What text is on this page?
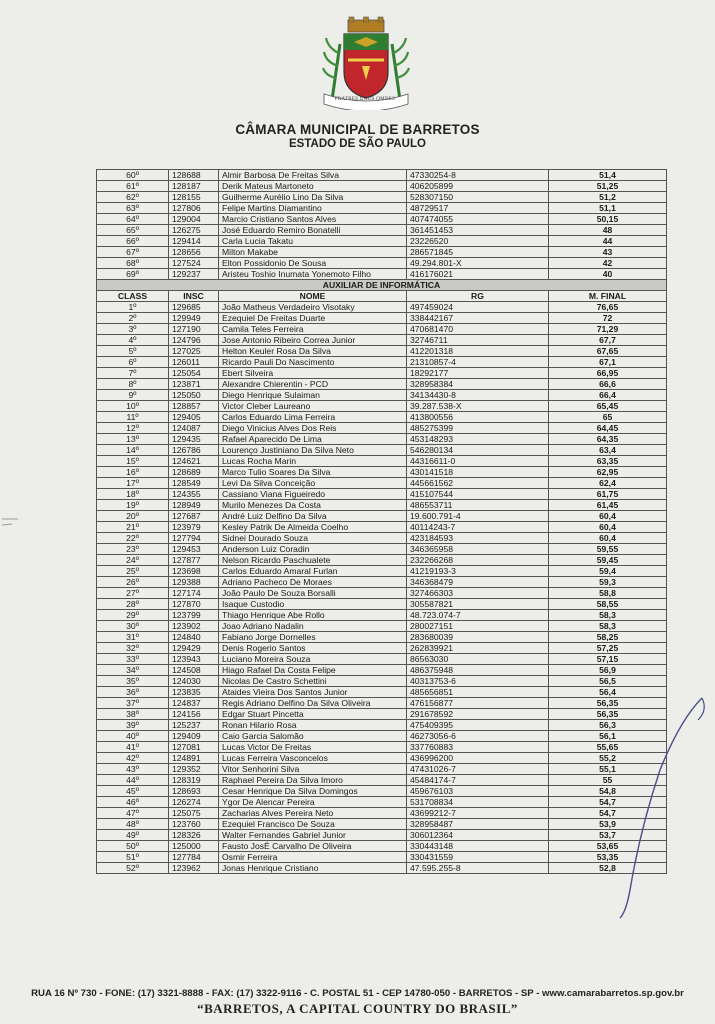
FRATRES UNUS OMNES
CÂMARA MUNICIPAL DE BARRETOS
ESTADO DE SÃO PAULO
60º	128688	Almir Barbosa De Freitas Silva	47330254-8	51,4
61º	128187	Derik Mateus Martoneto	406205899	51,25
62º	128155	Guilherme Aurélio Lino Da Silva	528307150	51,2
63º	127806	Felipe Martins Diamantino	48729517	51,1
64º	129004	Marcio Cristiano Santos Alves	407474055	50,15
65º	126275	José Eduardo Remiro Bonatelli	361451453	48
66º	129414	Carla Lucia Takatu	23226520	44
67º	128656	Milton Makabe	286571845	43
68º	127524	Elton Possidonio De Sousa	49.294.801-X	42
69º	129237	Aristeu Toshio Inumata Yonemoto Filho	416176021	40
AUXILIAR DE INFORMÁTICA				
CLASS	INSC	NOME	RG	M. FINAL
1º	129685	João Matheus Verdadeiro Visotaky	497459024	76,65
2º	129949	Ezequiel De Freitas Duarte	338442167	72
3º	127190	Camila Teles Ferreira	470681470	71,29
4º	124796	Jose Antonio Ribeiro Correa Junior	32746711	67,7
5º	127025	Helton Keuler Rosa Da Silva	412201318	67,65
6º	126011	Ricardo Pauli Do Nascimento	21310857-4	67,1
7º	125054	Ebert Silveira	18292177	66,95
8º	123871	Alexandre Chierentin - PCD	328958384	66,6
9º	125050	Diego Henrique Sulaiman	34134430-8	66,4
10º	128857	Victor Cleber Laureano	39.287.538-X	65,45
11º	129405	Carlos Eduardo Lima Ferreira	413800556	65
12º	124087	Diego Vinicius Alves Dos Reis	485275399	64,45
13º	129435	Rafael Aparecido De Lima	453148293	64,35
14º	126786	Lourenço Justiniano Da Silva Neto	546280134	63,4
15º	124621	Lucas Rocha Marin	44316611-0	63,35
16º	128689	Marco Tulio Soares Da Silva	430141518	62,95
17º	128549	Levi Da Silva Conceição	445661562	62,4
18º	124355	Cassiano Viana Figueiredo	415107544	61,75
19º	128949	Murilo Menezes Da Costa	486553711	61,45
20º	127687	André Luiz Delfino Da Silva	19.600.791-4	60,4
21º	123979	Kesley Patrik De Almeida Coelho	40114243-7	60,4
22º	127794	Sidnei Dourado Souza	423184593	60,4
23º	129453	Anderson Luiz Coradin	346365958	59,55
24º	127877	Nelson Ricardo Paschualete	232266268	59,45
25º	123698	Carlos Eduardo Amaral Furlan	41219193-3	59,4
26º	129388	Adriano Pacheco De Moraes	346368479	59,3
27º	127174	João Paulo De Souza Borsalli	327466303	58,8
28º	127870	Isaque Custodio	305587821	58,55
29º	123799	Thiago Henrique Abe Rollo	48.723.074-7	58,3
30º	123902	Joao Adriano Nadalin	280027151	58,3
31º	124840	Fabiano Jorge Dornelles	283680039	58,25
32º	129429	Denis Rogerio Santos	262839921	57,25
33º	123943	Luciano Moreira Souza	86563030	57,15
34º	124508	Hiago Rafael Da Costa Felipe	486375948	56,9
35º	124030	Nicolas De Castro Schettini	40313753-6	56,5
36º	123835	Ataides Vieira Dos Santos Junior	485656851	56,4
37º	124837	Regis Adriano Delfino Da Silva Oliveira	476156877	56,35
38º	124156	Edgar Stuart Pincetta	291678592	56,35
39º	125237	Ronan Hilario Rosa	475409395	56,3
40º	129409	Caio Garcia Salomão	46273056-6	56,1
41º	127081	Lucas Victor De Freitas	337760883	55,65
42º	124891	Lucas Ferreira Vasconcelos	436996200	55,2
43º	129352	Vitor Senhorini Silva	47431026-7	55,1
44º	128319	Raphael Pereira Da Silva Imoro	45484174-7	55
45º	128693	Cesar Henrique Da Silva Domingos	459676103	54,8
46º	126274	Ygor De Alencar Pereira	531708834	54,7
47º	125075	Zacharias Alves Pereira Neto	43699212-7	54,7
48º	123760	Ezequiel Francisco De Souza	328958487	53,9
49º	128326	Walter Fernandes Gabriel Junior	306012364	53,7
50º	125000	Fausto JosÉ Carvalho De Oliveira	330443148	53,65
51º	127784	Osmir Ferreira	330431559	53,35
52º	123962	Jonas Henrique Cristiano	47.595.255-8	52,8
RUA 16 Nº 730 - FONE: (17) 3321-8888 - FAX: (17) 3322-9116 - C. POSTAL 51 - CEP 14780-050 - BARRETOS - SP - www.camarabarretos.sp.gov.br
“BARRETOS, A CAPITAL COUNTRY DO BRASIL”
